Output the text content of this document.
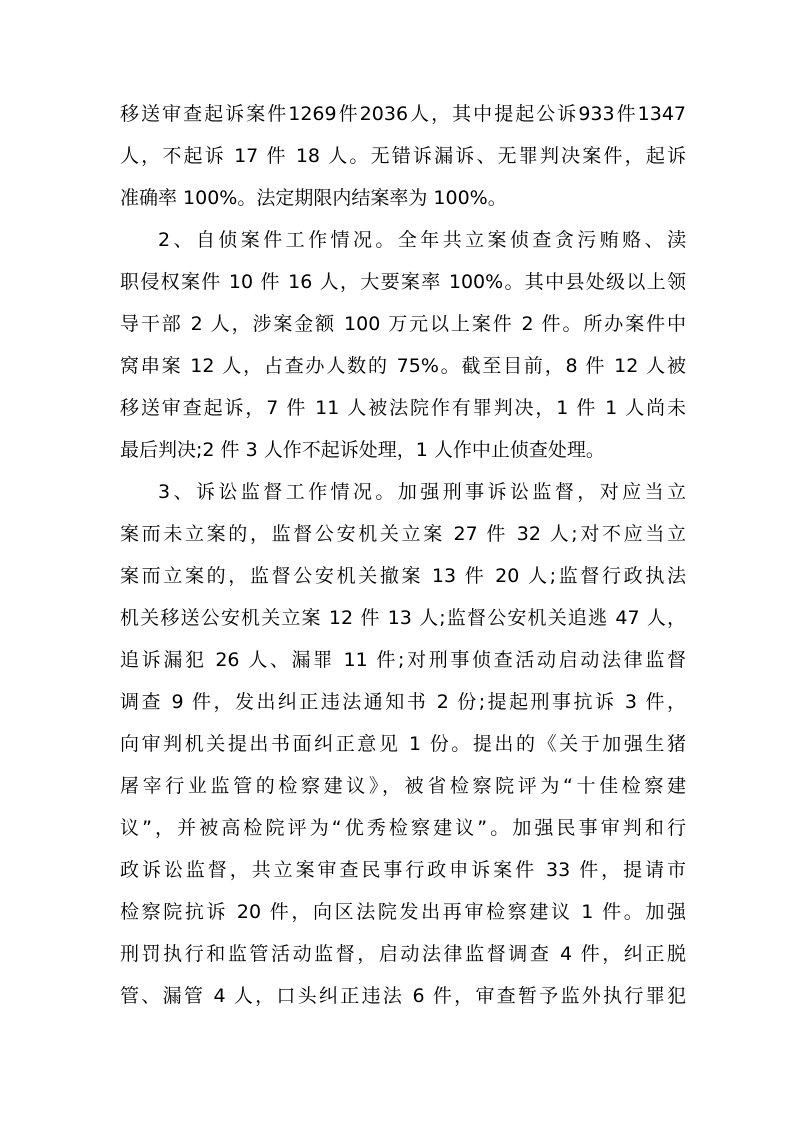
移送审查起诉案件1269件2036人，其中提起公诉933件1347
人，不起诉 17 件 18 人。无错诉漏诉、无罪判决案件，起诉
准确率 100%。法定期限内结案率为 100%。
2、自侦案件工作情况。全年共立案侦查贪污贿赂、渎
职侵权案件 10 件 16 人，大要案率 100%。其中县处级以上领
导干部 2 人，涉案金额 100 万元以上案件 2 件。所办案件中
窝串案 12 人，占查办人数的 75%。截至目前，8 件 12 人被
移送审查起诉，7 件 11 人被法院作有罪判决，1 件 1 人尚未
最后判决;2 件 3 人作不起诉处理，1 人作中止侦查处理。
3、诉讼监督工作情况。加强刑事诉讼监督，对应当立
案而未立案的，监督公安机关立案 27 件 32 人;对不应当立
案而立案的，监督公安机关撤案 13 件 20 人;监督行政执法
机关移送公安机关立案 12 件 13 人;监督公安机关追逃 47 人，
追诉漏犯 26 人、漏罪 11 件;对刑事侦查活动启动法律监督
调查 9 件，发出纠正违法通知书 2 份;提起刑事抗诉 3 件，
向审判机关提出书面纠正意见 1 份。提出的《关于加强生猪
屠宰行业监管的检察建议》，被省检察院评为“十佳检察建
议”，并被高检院评为“优秀检察建议”。加强民事审判和行
政诉讼监督，共立案审查民事行政申诉案件 33 件，提请市
检察院抗诉 20 件，向区法院发出再审检察建议 1 件。加强
刑罚执行和监管活动监督，启动法律监督调查 4 件，纠正脱
管、漏管 4 人，口头纠正违法 6 件，审查暂予监外执行罪犯
